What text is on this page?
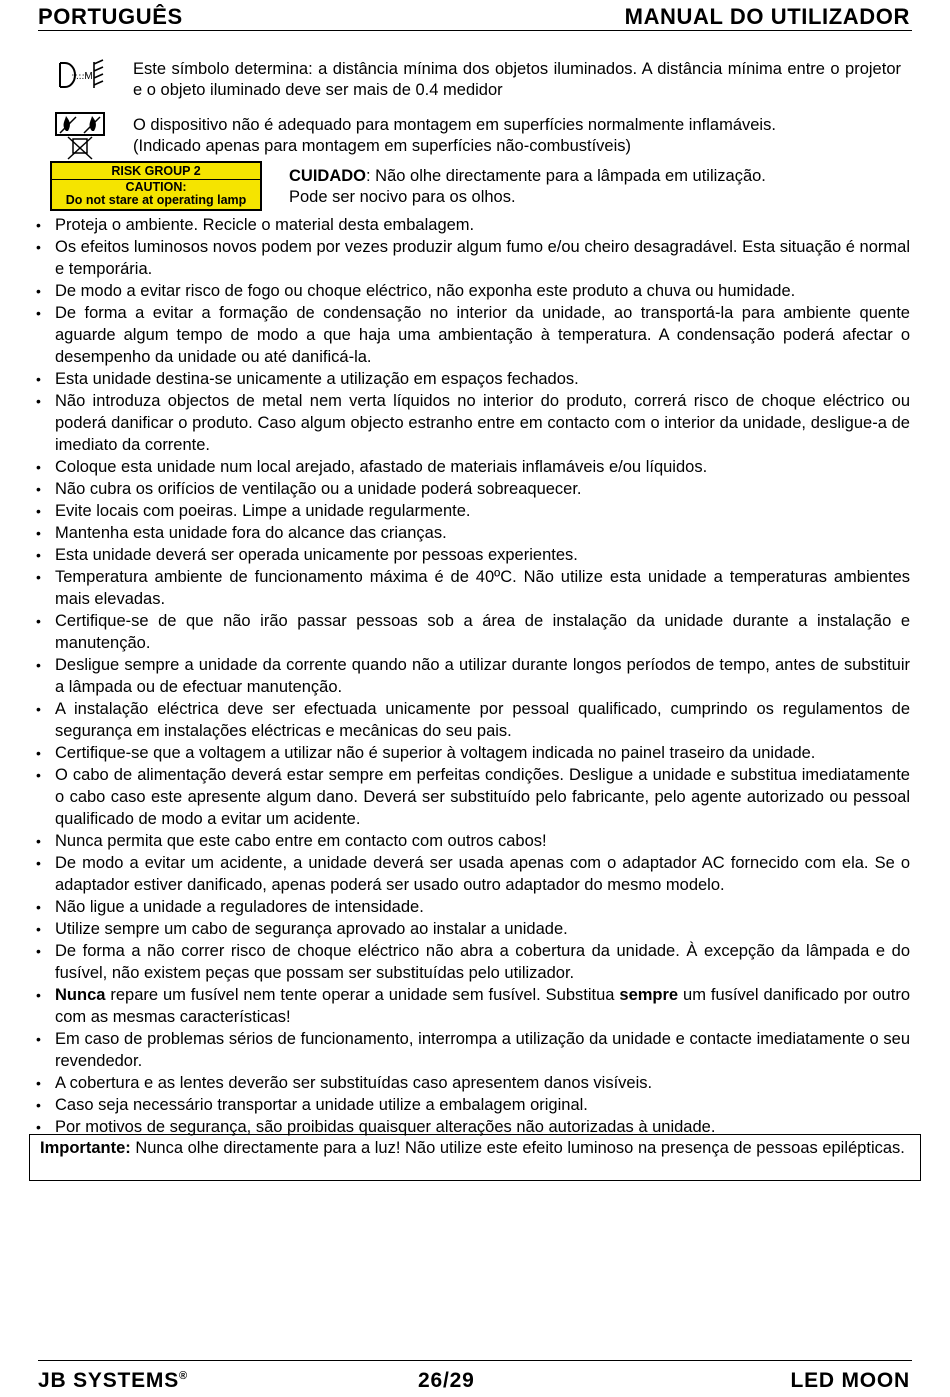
PORTUGUÊS	MANUAL DO UTILIZADOR
...M Este símbolo determina: a distância mínima dos objetos iluminados. A distância mínima entre o projetor e o objeto iluminado deve ser mais de 0.4 medidor
O dispositivo não é adequado para montagem em superfícies normalmente inflamáveis.
(Indicado apenas para montagem em superfícies não-combustíveis)
RISK GROUP 2
CAUTION:
Do not stare at operating lamp
CUIDADO: Não olhe directamente para a lâmpada em utilização.
Pode ser nocivo para os olhos.
• Proteja o ambiente. Recicle o material desta embalagem.
• Os efeitos luminosos novos podem por vezes produzir algum fumo e/ou cheiro desagradável. Esta situação é normal e temporária.
• De modo a evitar risco de fogo ou choque eléctrico, não exponha este produto a chuva ou humidade.
• De forma a evitar a formação de condensação no interior da unidade, ao transportá-la para ambiente quente aguarde algum tempo de modo a que haja uma ambientação à temperatura. A condensação poderá afectar o desempenho da unidade ou até danificá-la.
• Esta unidade destina-se unicamente a utilização em espaços fechados.
• Não introduza objectos de metal nem verta líquidos no interior do produto, correrá risco de choque eléctrico ou poderá danificar o produto. Caso algum objecto estranho entre em contacto com o interior da unidade, desligue-a de imediato da corrente.
• Coloque esta unidade num local arejado, afastado de materiais inflamáveis e/ou líquidos.
• Não cubra os orifícios de ventilação ou a unidade poderá sobreaquecer.
• Evite locais com poeiras. Limpe a unidade regularmente.
• Mantenha esta unidade fora do alcance das crianças.
• Esta unidade deverá ser operada unicamente por pessoas experientes.
• Temperatura ambiente de funcionamento máxima é de 40ºC. Não utilize esta unidade a temperaturas ambientes mais elevadas.
• Certifique-se de que não irão passar pessoas sob a área de instalação da unidade durante a instalação e manutenção.
• Desligue sempre a unidade da corrente quando não a utilizar durante longos períodos de tempo, antes de substituir a lâmpada ou de efectuar manutenção.
• A instalação eléctrica deve ser efectuada unicamente por pessoal qualificado, cumprindo os regulamentos de segurança em instalações eléctricas e mecânicas do seu pais.
• Certifique-se que a voltagem a utilizar não é superior à voltagem indicada no painel traseiro da unidade.
• O cabo de alimentação deverá estar sempre em perfeitas condições. Desligue a unidade e substitua imediatamente o cabo caso este apresente algum dano. Deverá ser substituído pelo fabricante, pelo agente autorizado ou pessoal qualificado de modo a evitar um acidente.
• Nunca permita que este cabo entre em contacto com outros cabos!
• De modo a evitar um acidente, a unidade deverá ser usada apenas com o adaptador AC fornecido com ela. Se o adaptador estiver danificado, apenas poderá ser usado outro adaptador do mesmo modelo.
• Não ligue a unidade a reguladores de intensidade.
• Utilize sempre um cabo de segurança aprovado ao instalar a unidade.
• De forma a não correr risco de choque eléctrico não abra a cobertura da unidade. À excepção da lâmpada e do fusível, não existem peças que possam ser substituídas pelo utilizador.
• Nunca repare um fusível nem tente operar a unidade sem fusível. Substitua sempre um fusível danificado por outro com as mesmas características!
• Em caso de problemas sérios de funcionamento, interrompa a utilização da unidade e contacte imediatamente o seu revendedor.
• A cobertura e as lentes deverão ser substituídas caso apresentem danos visíveis.
• Caso seja necessário transportar a unidade utilize a embalagem original.
• Por motivos de segurança, são proibidas quaisquer alterações não autorizadas à unidade.
Importante: Nunca olhe directamente para a luz! Não utilize este efeito luminoso na presença de pessoas epilépticas.
JB SYSTEMS®	26/29	LED MOON
